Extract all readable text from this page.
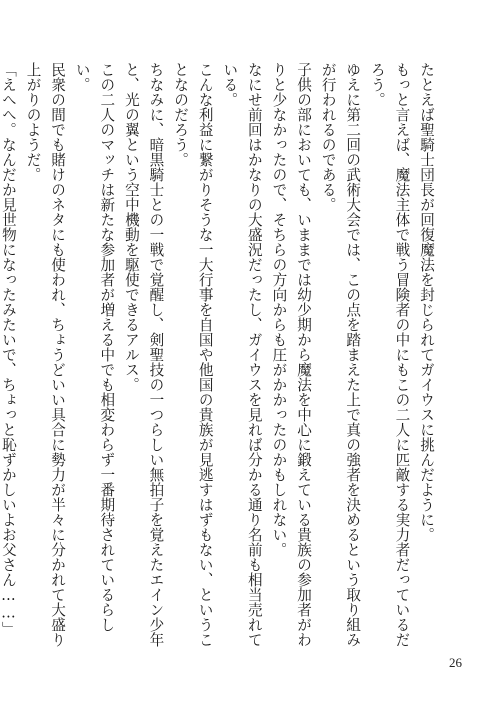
たとえば聖騎士団長が回復魔法を封じられてガイウスに挑んだように。

もっと言えば、魔法主体で戦う冒険者の中にもこの二人に匹敵する実力者だっているだろう。

ゆえに第二回の武術大会では、この点を踏まえた上で真の強者を決めるという取り組みが行われるのである。

子供の部においても、いままでは幼少期から魔法を中心に鍛えている貴族の参加者がわりと少なかったので、そちらの方向からも圧がかかったのかもしれない。

なにせ前回はかなりの大盛況だったし、ガイウスを見れば分かる通り名前も相当売れている。

こんな利益に繋がりそうな一大行事を自国や他国の貴族が見逃すはずもない、ということなのだろう。

ちなみに、暗黒騎士との一戦で覚醒し、剣聖技の一つらしい無拍子を覚えたエイン少年と、光の翼という空中機動を駆使できるアルス。

この二人のマッチは新たな参加者が増える中でも相変わらず一番期待されているらしい。

民衆の間でも賭けのネタにも使われ、ちょうどいい具合に勢力が半々に分かれて大盛り上がりのようだ。

「えへへ。なんだか見世物になったみたいで、ちょっと恥ずかしいよお父さん……」

26
